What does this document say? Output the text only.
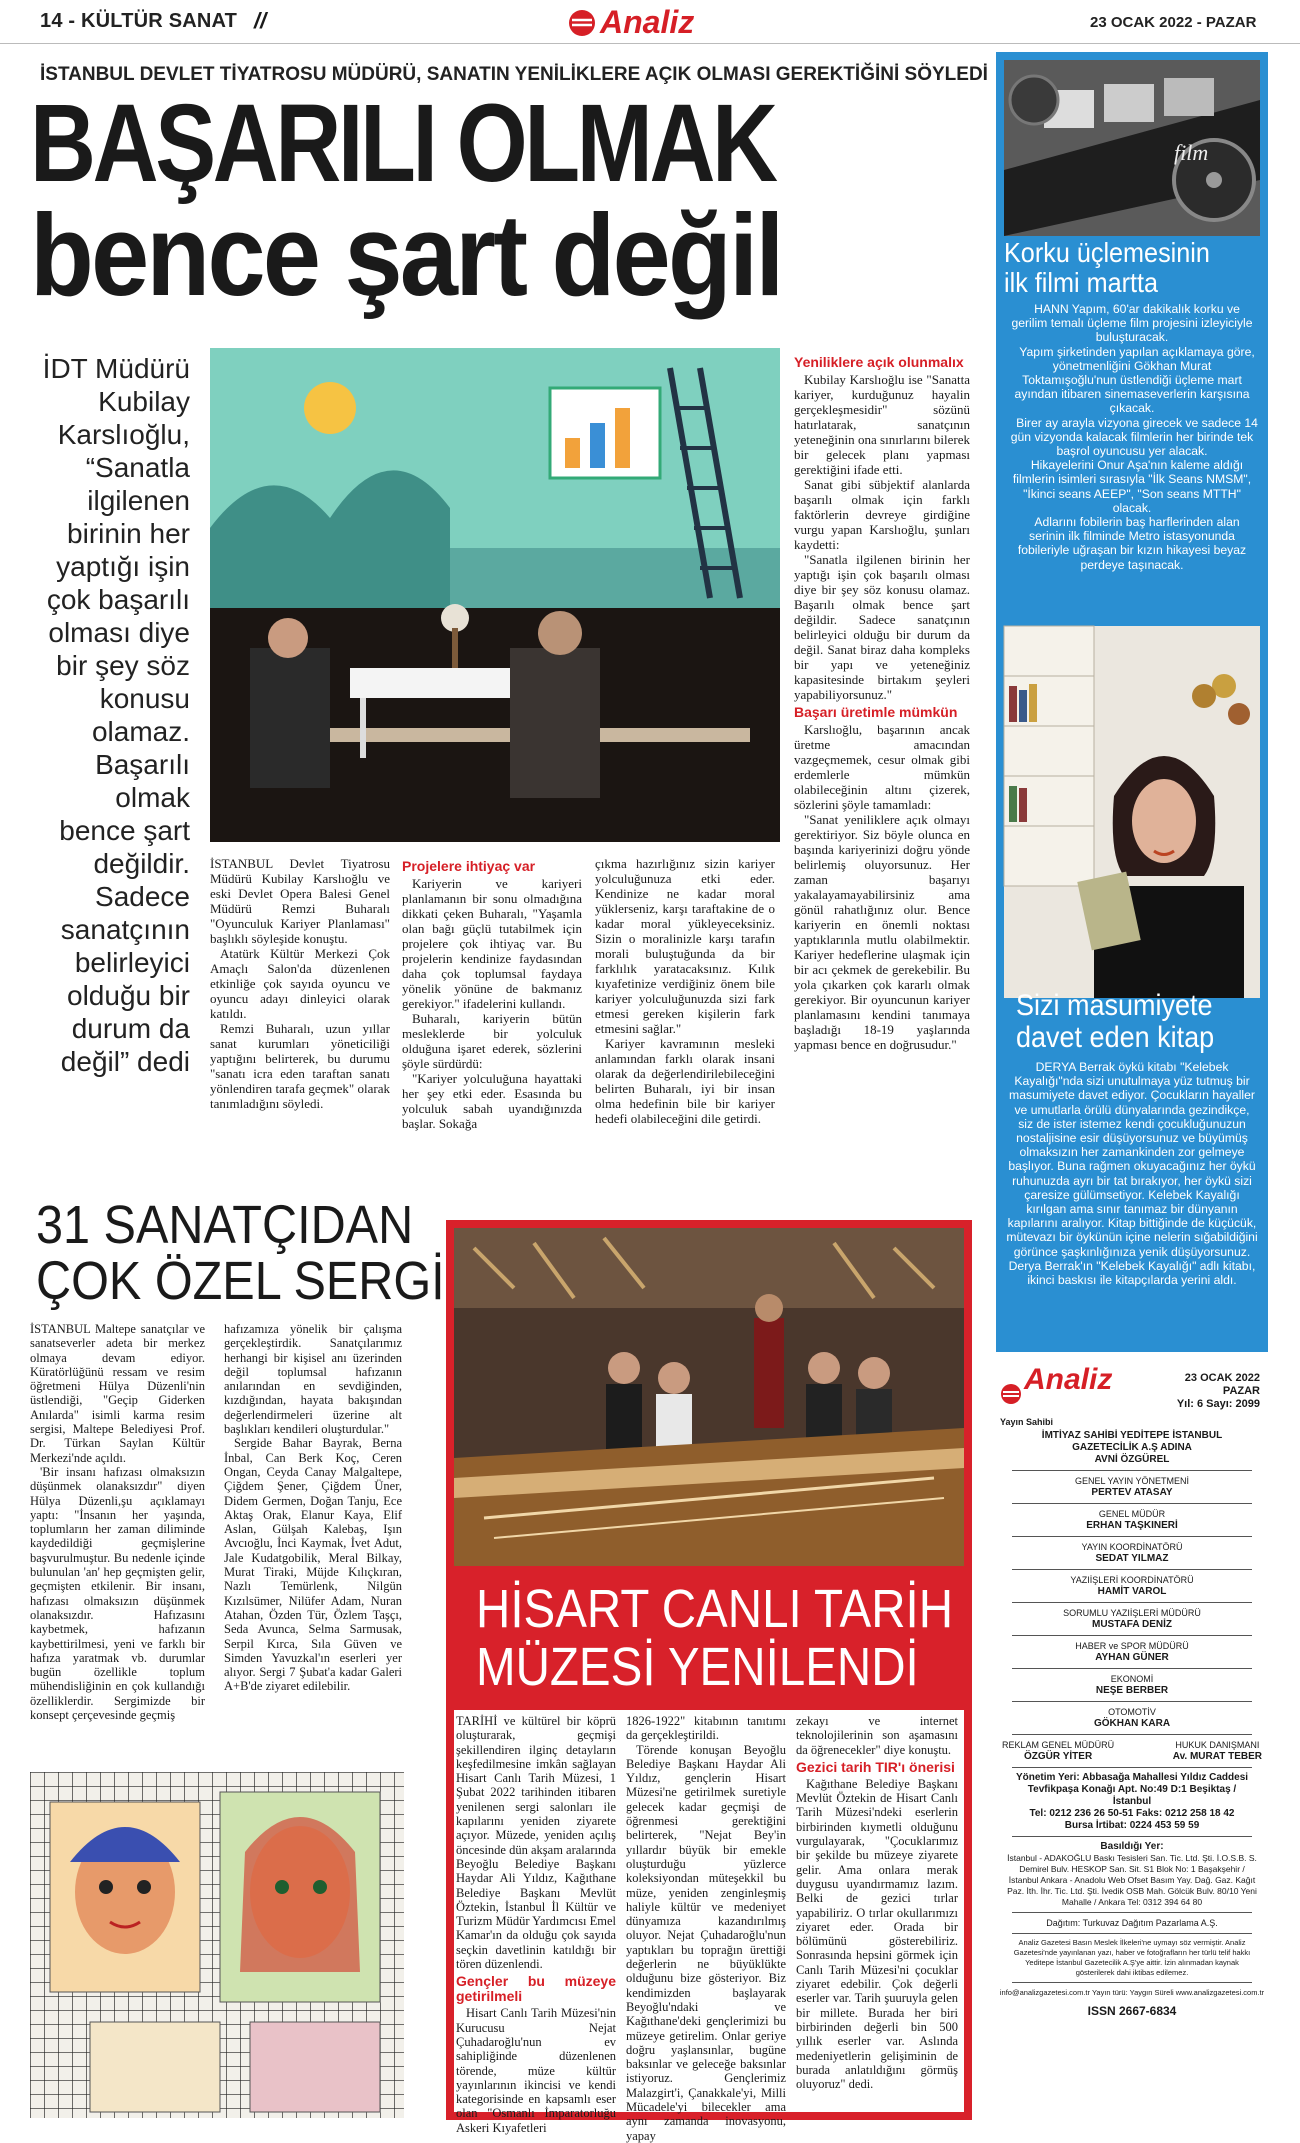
14 - KÜLTÜR SANAT //	Analiz	23 OCAK 2022 - PAZAR
İSTANBUL DEVLET TİYATROSU MÜDÜRÜ, SANATIN YENİLİKLERE AÇIK OLMASI GEREKTİĞİNİ SÖYLEDİ
BAŞARILI OLMAK
bence şart değil
İDT Müdürü Kubilay Karslıoğlu, “Sanatla ilgilenen birinin her yaptığı işin çok başarılı olması diye bir şey söz konusu olamaz. Başarılı olmak bence şart değildir. Sadece sanatçının belirleyici olduğu bir durum da değil” dedi

İSTANBUL Devlet Tiyatrosu Müdürü Kubilay Karslıoğlu ve eski Devlet Opera Balesi Genel Müdürü Remzi Buharalı "Oyunculuk Kariyer Planlaması" başlıklı söyleşide konuştu.

Atatürk Kültür Merkezi Çok Amaçlı Salon'da düzenlenen etkinliğe çok sayıda oyuncu ve oyuncu adayı dinleyici olarak katıldı.

Remzi Buharalı, uzun yıllar sanat kurumları yöneticiliği yaptığını belirterek, bu durumu "sanatı icra eden taraftan sanatı yönlendiren tarafa geçmek" olarak tanımladığını söyledi.

Projelere ihtiyaç var

Kariyerin ve kariyeri planlamanın bir sonu olmadığına dikkati çeken Buharalı, "Yaşamla olan bağı güçlü tutabilmek için projelere çok ihtiyaç var. Bu projelerin kendinize faydasından daha çok toplumsal faydaya yönelik yönüne de bakmanız gerekiyor." ifadelerini kullandı.

Buharalı, kariyerin bütün mesleklerde bir yolculuk olduğuna işaret ederek, sözlerini şöyle sürdürdü:

"Kariyer yolculuğuna hayattaki her şey etki eder. Esasında bu yolculuk sabah uyandığınızda başlar. Sokağa

çıkma hazırlığınız sizin kariyer yolculuğunuza etki eder. Kendinize ne kadar moral yüklerseniz, karşı taraftakine de o kadar moral yükleyeceksiniz. Sizin o moralinizle karşı tarafın morali buluştuğunda da bir farklılık yaratacaksınız. Kılık kıyafetinize verdiğiniz önem bile kariyer yolculuğunuzda sizi fark etmesi gereken kişilerin fark etmesini sağlar."

Kariyer kavramının mesleki anlamından farklı olarak insani olarak da değerlendirilebileceğini belirten Buharalı, iyi bir insan olma hedefinin bile bir kariyer hedefi olabileceğini dile getirdi.

Yeniliklere açık olunmalıx

Kubilay Karslıoğlu ise "Sanatta kariyer, kurduğunuz hayalin gerçekleşmesidir" sözünü hatırlatarak, sanatçının yeteneğinin ona sınırlarını bilerek bir gelecek planı yapması gerektiğini ifade etti.

Sanat gibi sübjektif alanlarda başarılı olmak için farklı faktörlerin devreye girdiğine vurgu yapan Karslıoğlu, şunları kaydetti:

"Sanatla ilgilenen birinin her yaptığı işin çok başarılı olması diye bir şey söz konusu olamaz. Başarılı olmak bence şart değildir. Sadece sanatçının belirleyici olduğu bir durum da değil. Sanat biraz daha kompleks bir yapı ve yeteneğiniz kapasitesinde birtakım şeyleri yapabiliyorsunuz."

Başarı üretimle mümkün

Karslıoğlu, başarının ancak üretme amacından vazgeçmemek, cesur olmak gibi erdemlerle mümkün olabileceğinin altını çizerek, sözlerini şöyle tamamladı:

"Sanat yeniliklere açık olmayı gerektiriyor. Siz böyle olunca en başında kariyerinizi doğru yönde belirlemiş oluyorsunuz. Her zaman başarıyı yakalayamayabilirsiniz ama gönül rahatlığınız olur. Bence kariyerin en önemli noktası yaptıklarınla mutlu olabilmektir. Kariyer hedeflerine ulaşmak için bir acı çekmek de gerekebilir. Bu yola çıkarken çok kararlı olmak gerekiyor. Bir oyuncunun kariyer planlamasını kendini tanımaya başladığı 18-19 yaşlarında yapması bence en doğrusudur."

31 SANATÇIDAN
ÇOK ÖZEL SERGİ

İSTANBUL Maltepe sanatçılar ve sanatseverler adeta bir merkez olmaya devam ediyor. Küratörlüğünü ressam ve resim öğretmeni Hülya Düzenli'nin üstlendiği, "Geçip Giderken Anılarda" isimli karma resim sergisi, Maltepe Belediyesi Prof. Dr. Türkan Saylan Kültür Merkezi'nde açıldı.

'Bir insanı hafızası olmaksızın düşünmek olanaksızdır" diyen Hülya Düzenli,şu açıklamayı yaptı: "İnsanın her yaşında, toplumların her zaman diliminde kaydedildiği geçmişlerine başvurulmuştur. Bu nedenle içinde bulunulan 'an' hep geçmişten gelir, geçmişten etkilenir. Bir insanı, hafızası olmaksızın düşünmek olanaksızdır. Hafızasını kaybetmek, hafızanın kaybettirilmesi, yeni ve farklı bir hafıza yaratmak vb. durumlar bugün özellikle toplum mühendisliğinin en çok kullandığı özelliklerdir. Sergimizde bir konsept çerçevesinde geçmiş

hafızamıza yönelik bir çalışma gerçekleştirdik. Sanatçılarımız herhangi bir kişisel anı üzerinden değil toplumsal hafızanın anılarından en sevdiğinden, kızdığından, hayata bakışından değerlendirmeleri üzerine alt başlıkları kendileri oluşturdular."

Sergide Bahar Bayrak, Berna İnbal, Can Berk Koç, Ceren Ongan, Ceyda Canay Malgaltepe, Çiğdem Şener, Çiğdem Üner, Didem Germen, Doğan Tanju, Ece Aktaş Orak, Elanur Kaya, Elif Aslan, Gülşah Kalebaş, Işın Avcıoğlu, İnci Kaymak, İvet Adut, Jale Kudatgobilik, Meral Bilkay, Murat Tiraki, Müjde Kılıçkıran, Nazlı Temürlenk, Nilgün Kızılsümer, Nilüfer Adam, Nuran Atahan, Özden Tür, Özlem Taşçı, Seda Avunca, Selma Sarmusak, Serpil Kırca, Sıla Güven ve Simden Yavuzkal'ın eserleri yer alıyor. Sergi 7 Şubat'a kadar Galeri A+B'de ziyaret edilebilir.

HİSART CANLI TARİH
MÜZESİ YENİLENDİ

TARİHİ ve kültürel bir köprü oluşturarak, geçmişi şekillendiren ilginç detayların keşfedilmesine imkân sağlayan Hisart Canlı Tarih Müzesi, 1 Şubat 2022 tarihinden itibaren yenilenen sergi salonları ile kapılarını yeniden ziyarete açıyor. Müzede, yeniden açılış öncesinde dün akşam aralarında Beyoğlu Belediye Başkanı Haydar Ali Yıldız, Kağıthane Belediye Başkanı Mevlüt Öztekin, İstanbul İl Kültür ve Turizm Müdür Yardımcısı Emel Kamar'ın da olduğu çok sayıda seçkin davetlinin katıldığı bir tören düzenlendi.

Gençler bu müzeye getirilmeli

Hisart Canlı Tarih Müzesi'nin Kurucusu Nejat Çuhadaroğlu'nun ev sahipliğinde düzenlenen törende, müze kültür yayınlarının ikincisi ve kendi kategorisinde en kapsamlı eser olan "Osmanlı İmparatorluğu Askeri Kıyafetleri

1826-1922" kitabının tanıtımı da gerçekleştirildi.

Törende konuşan Beyoğlu Belediye Başkanı Haydar Ali Yıldız, gençlerin Hisart Müzesi'ne getirilmek suretiyle gelecek kadar geçmişi de öğrenmesi gerektiğini belirterek, "Nejat Bey'in yıllardır büyük bir emekle oluşturduğu yüzlerce koleksiyondan müteşekkil bu müze, yeniden zenginleşmiş haliyle kültür ve medeniyet dünyamıza kazandırılmış oluyor. Nejat Çuhadaroğlu'nun yaptıkları bu toprağın ürettiği değerlerin ne büyüklükte olduğunu bize gösteriyor. Biz kendimizden başlayarak Beyoğlu'ndaki ve Kağıthane'deki gençlerimizi bu müzeye getirelim. Onlar geriye doğru yaşlansınlar, bugüne baksınlar ve geleceğe baksınlar istiyoruz. Gençlerimiz Malazgirt'i, Çanakkale'yi, Milli Mücadele'yi bilecekler ama aynı zamanda inovasyonu, yapay

zekayı ve internet teknolojilerinin son aşamasını da öğrenecekler" diye konuştu.

Gezici tarih TIR'ı önerisi

Kağıthane Belediye Başkanı Mevlüt Öztekin de Hisart Canlı Tarih Müzesi'ndeki eserlerin birbirinden kıymetli olduğunu vurgulayarak, "Çocuklarımız bir şekilde bu müzeye ziyarete gelir. Ama onlara merak duygusu uyandırmamız lazım. Belki de gezici tırlar yapabiliriz. O tırlar okullarımızı ziyaret eder. Orada bir bölümünü gösterebiliriz. Sonrasında hepsini görmek için Canlı Tarih Müzesi'ni çocuklar ziyaret edebilir. Çok değerli eserler var. Tarih şuuruyla gelen bir millete. Burada her biri birbirinden değerli bin 500 yıllık eserler var. Aslında medeniyetlerin gelişiminin de burada anlatıldığını görmüş oluyoruz" dedi.

film
Korku üçlemesinin
ilk filmi martta

HANN Yapım, 60'ar dakikalık korku ve gerilim temalı üçleme film projesini izleyiciyle buluşturacak.

Yapım şirketinden yapılan açıklamaya göre, yönetmenliğini Gökhan Murat Toktamışoğlu'nun üstlendiği üçleme mart ayından itibaren sinemaseverlerin karşısına çıkacak.

Birer ay arayla vizyona girecek ve sadece 14 gün vizyonda kalacak filmlerin her birinde tek başrol oyuncusu yer alacak.

Hikayelerini Onur Aşa'nın kaleme aldığı filmlerin isimleri sırasıyla "İlk Seans NMSM", "İkinci seans AEEP", "Son seans MTTH" olacak.

Adlarını fobilerin baş harflerinden alan serinin ilk filminde Metro istasyonunda fobileriyle uğraşan bir kızın hikayesi beyaz perdeye taşınacak.

Sizi masumiyete
davet eden kitap

DERYA Berrak öykü kitabı "Kelebek Kayalığı"nda sizi unutulmaya yüz tutmuş bir masumiyete davet ediyor. Çocukların hayaller ve umutlarla örülü dünyalarında gezindikçe, siz de ister istemez kendi çocukluğunuzun nostaljisine esir düşüyorsunuz ve büyümüş olmaksızın her zamankinden zor gelmeye başlıyor. Buna rağmen okuyacağınız her öykü ruhunuzda ayrı bir tat bırakıyor, her öykü sizi çaresize gülümsetiyor. Kelebek Kayalığı kırılgan ama sınır tanımaz bir dünyanın kapılarını aralıyor. Kitap bittiğinde de küçücük, mütevazı bir öykünün içine nelerin sığabildiğini görünce şaşkınlığınıza yenik düşüyorsunuz. Derya Berrak'ın "Kelebek Kayalığı" adlı kitabı, ikinci baskısı ile kitapçılarda yerini aldı.

Analiz	23 OCAK 2022
PAZAR
Yıl: 6 Sayı: 2099
Yayın Sahibi
İMTİYAZ SAHİBİ YEDİTEPE İSTANBUL GAZETECİLİK A.Ş ADINA
AVNİ ÖZGÜREL
GENEL YAYIN YÖNETMENİ
PERTEV ATASAY
GENEL MÜDÜR
ERHAN TAŞKINERİ
YAYIN KOORDİNATÖRÜ
SEDAT YILMAZ
YAZIİŞLERİ KOORDİNATÖRÜ
HAMİT VAROL
SORUMLU YAZIİŞLERİ MÜDÜRÜ
MUSTAFA DENİZ
HABER ve SPOR MÜDÜRÜ
AYHAN GÜNER
EKONOMİ
NEŞE BERBER
OTOMOTİV
GÖKHAN KARA
REKLAM GENEL MÜDÜRÜ
ÖZGÜR YİTER
HUKUK DANIŞMANI
Av. MURAT TEBER
Yönetim Yeri: Abbasağa Mahallesi Yıldız Caddesi Tevfikpaşa Konağı Apt. No:49 D:1 Beşiktaş /İstanbul
Tel: 0212 236 26 50-51 Faks: 0212 258 18 42
Bursa İrtibat: 0224 453 59 59
Basıldığı Yer:
İstanbul - ADAKOĞLU Baskı Tesisleri San. Tic. Ltd. Şti. İ.O.S.B. S. Demirel Bulv. HESKOP San. Sit. S1 Blok No: 1 Başakşehir / İstanbul Ankara - Anadolu Web Ofset Basım Yay. Dağ. Gaz. Kağıt Paz. İth. İhr. Tic. Ltd. Şti. İvedik OSB Mah. Gölcük Bulv. 80/10 Yeni Mahalle / Ankara Tel: 0312 394 64 80
Dağıtım: Turkuvaz Dağıtım Pazarlama A.Ş.
Analiz Gazetesi Basın Meslek İlkeleri'ne uymayı söz vermiştir. Analiz Gazetesi'nde yayınlanan yazı, haber ve fotoğrafların her türlü telif hakkı Yeditepe İstanbul Gazetecilik A.Ş'ye aittir. İzin alınmadan kaynak gösterilerek dahi iktibas edilemez.
info@analizgazetesi.com.tr Yayın türü: Yaygın Süreli www.analizgazetesi.com.tr
ISSN 2667-6834
